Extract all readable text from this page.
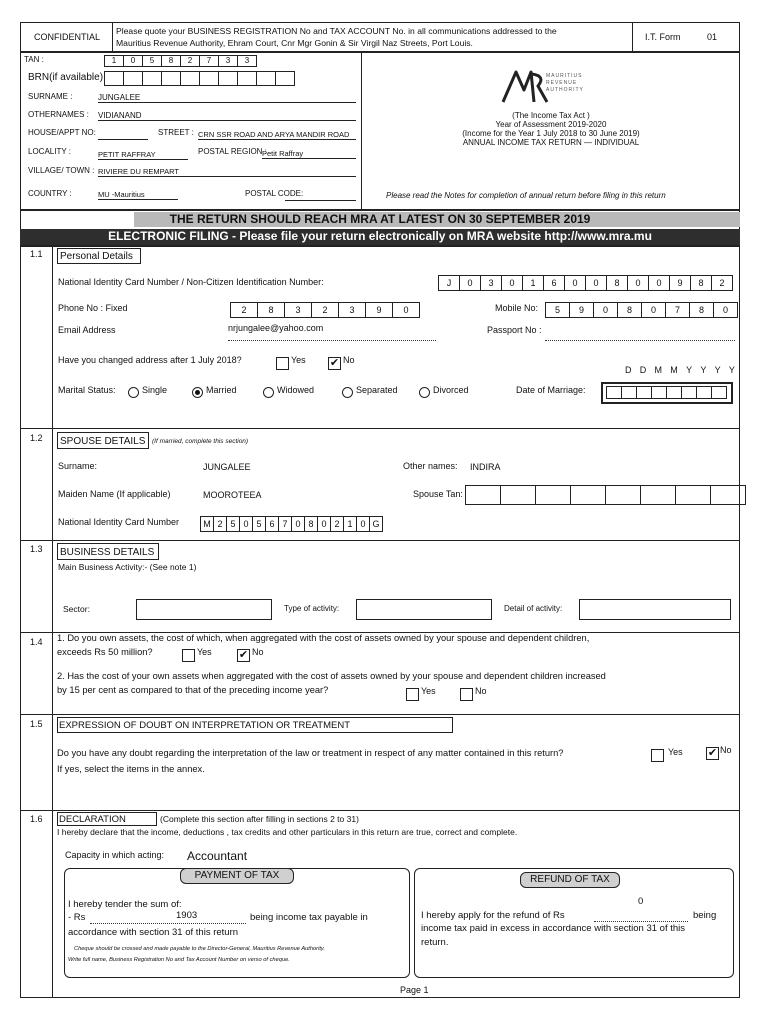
CONFIDENTIAL
Please quote your BUSINESS REGISTRATION No and TAX ACCOUNT No. in all communications addressed to the
Mauritius Revenue Authority, Ehram Court, Cnr Mgr Gonin & Sir Virgil Naz Streets, Port Louis.
I.T. Form	01
TAN :	1	0	5	8	2	7	3	3
BRN(if available)
SURNAME :	JUNGALEE
OTHERNAMES : VIDIANAND
HOUSE/APPT NO:	STREET : CRN SSR ROAD AND ARYA MANDIR ROAD
LOCALITY :	PETIT RAFFRAY	POSTAL REGION :
Petit Raffray
VILLAGE/ TOWN : RIVIERE DU REMPART
COUNTRY :	MU -Mauritius	POSTAL CODE:
MAURITIUS
REVENUE
AUTHORITY
(The Income Tax Act )
Year of Assessment 2019-2020
(Income for the Year 1 July 2018 to 30 June 2019)
ANNUAL INCOME TAX RETURN — INDIVIDUAL
Please read the Notes for completion of annual return before filing in this return
THE RETURN SHOULD REACH MRA AT LATEST ON 30 SEPTEMBER 2019
ELECTRONIC FILING - Please file your return electronically on MRA website http://www.mra.mu
1.1 Personal Details
National Identity Card Number / Non-Citizen Identification Number:	J	0	3	0	1	6	0	0	8	0	0	9	8	2
Phone No : Fixed	2	8	3	2	3	9	0	Mobile No:	5	9	0	8	0	7	8	0
Email Address	nrjungalee@yahoo.com	Passport No :
Have you changed address after 1 July 2018?	Yes ✔ No
D D M M Y Y Y Y
Marital Status:	Single	Married	Widowed	Separated	Divorced	Date of Marriage:
1.2 SPOUSE DETAILS (If married, complete this section)
Surname:	JUNGALEE	Other names: INDIRA
Maiden Name (If applicable)	MOOROTEEA	Spouse Tan:
National Identity Card Number	M 2 5 0 5 6 7 0 8 0 2 1 0 G
1.3 BUSINESS DETAILS
Main Business Activity:- (See note 1)
Sector:	Type of activity:	Detail of activity:
1.4 1. Do you own assets, the cost of which, when aggregated with the cost of assets owned by your spouse and dependent children,
exceeds Rs 50 million?	Yes ✔ No
2. Has the cost of your own assets when aggregated with the cost of assets owned by your spouse and dependent children increased
by 15 per cent as compared to that of the preceding income year?	Yes	No
1.5 EXPRESSION OF DOUBT ON INTERPRETATION OR TREATMENT
Do you have any doubt regarding the interpretation of the law or treatment in respect of any matter contained in this return?	Yes ✔ No
If yes, select the items in the annex.
1.6 DECLARATION	(Complete this section after filling in sections 2 to 31)
I hereby declare that the income, deductions , tax credits and other particulars in this return are true, correct and complete.
Capacity in which acting: Accountant
PAYMENT OF TAX
I hereby tender the sum of:
- Rs	1903	being income tax payable in
accordance with section 31 of this return
Cheque should be crossed and made payable to the Director-General, Mauritius Revenue Authority.
Write full name, Business Registration No and Tax Account Number on verso of cheque.
REFUND OF TAX
0
I hereby apply for the refund of Rs	being
income tax paid in excess in accordance with section 31 of this
return.
Page 1
